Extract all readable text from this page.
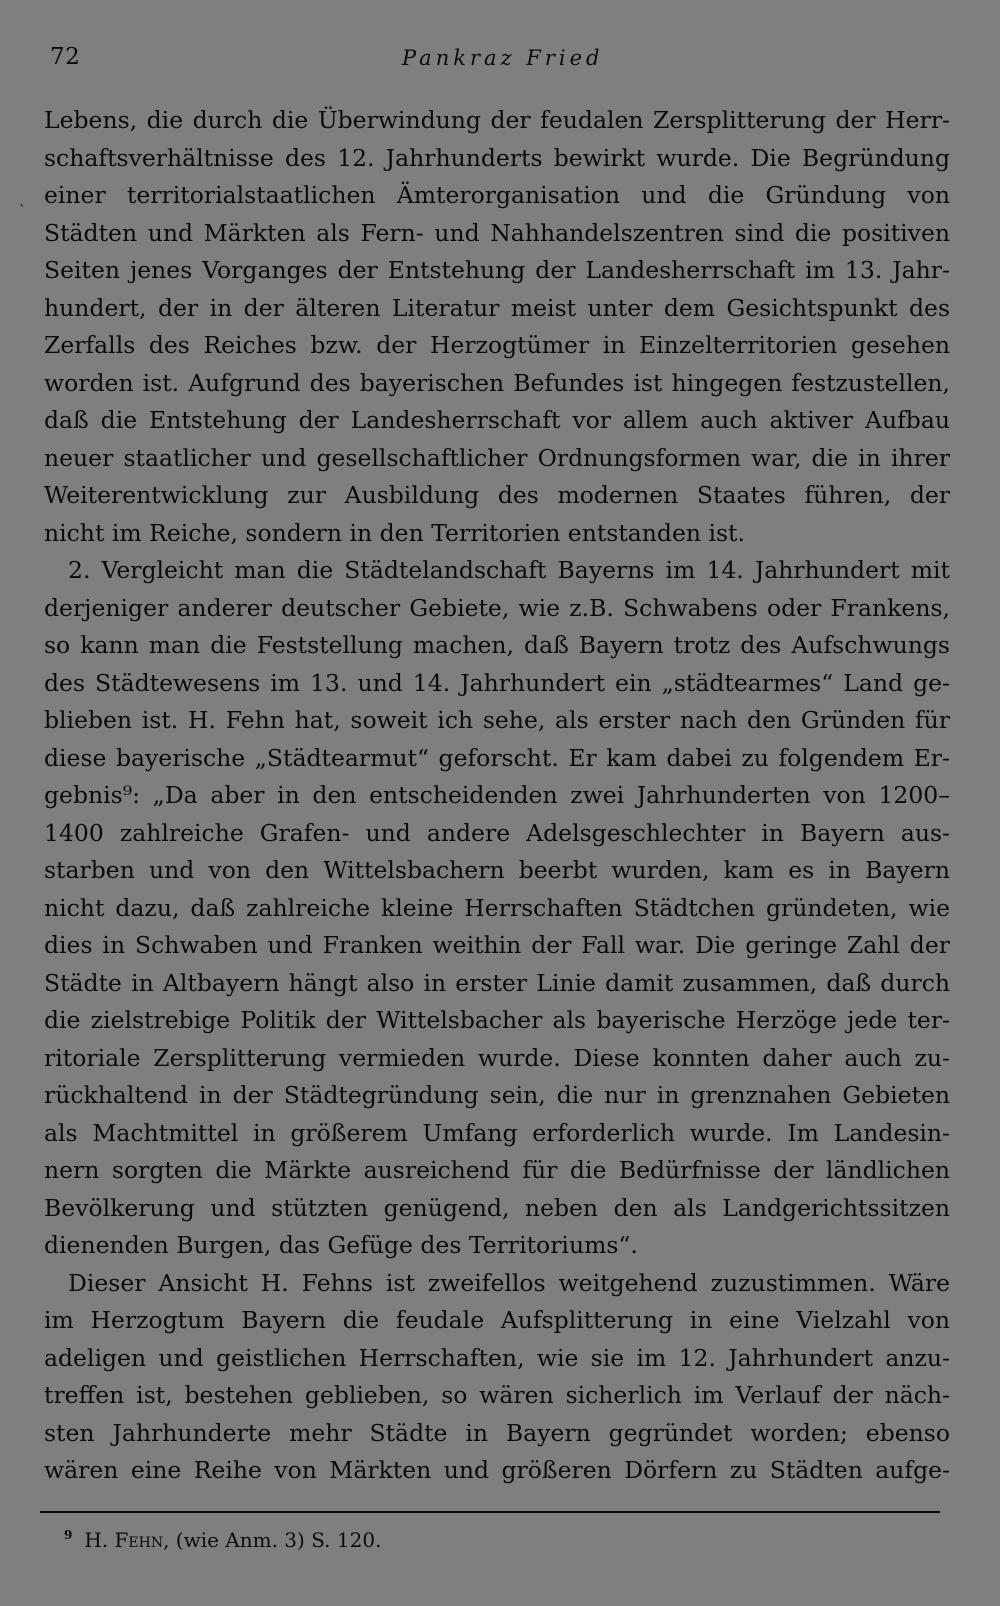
72	Pankraz Fried
`
Lebens, die durch die Überwindung der feudalen Zersplitterung der Herr-
schaftsverhältnisse des 12. Jahrhunderts bewirkt wurde. Die Begründung
einer territorialstaatlichen Ämterorganisation und die Gründung von
Städten und Märkten als Fern- und Nahhandelszentren sind die positiven
Seiten jenes Vorganges der Entstehung der Landesherrschaft im 13. Jahr-
hundert, der in der älteren Literatur meist unter dem Gesichtspunkt des
Zerfalls des Reiches bzw. der Herzogtümer in Einzelterritorien gesehen
worden ist. Aufgrund des bayerischen Befundes ist hingegen festzustellen,
daß die Entstehung der Landesherrschaft vor allem auch aktiver Aufbau
neuer staatlicher und gesellschaftlicher Ordnungsformen war, die in ihrer
Weiterentwicklung zur Ausbildung des modernen Staates führen, der
nicht im Reiche, sondern in den Territorien entstanden ist.
2. Vergleicht man die Städtelandschaft Bayerns im 14. Jahrhundert mit
derjeniger anderer deutscher Gebiete, wie z.B. Schwabens oder Frankens,
so kann man die Feststellung machen, daß Bayern trotz des Aufschwungs
des Städtewesens im 13. und 14. Jahrhundert ein „städtearmes“ Land ge-
blieben ist. H. Fehn hat, soweit ich sehe, als erster nach den Gründen für
diese bayerische „Städtearmut“ geforscht. Er kam dabei zu folgendem Er-
gebnis⁹: „Da aber in den entscheidenden zwei Jahrhunderten von 1200–
1400 zahlreiche Grafen- und andere Adelsgeschlechter in Bayern aus-
starben und von den Wittelsbachern beerbt wurden, kam es in Bayern
nicht dazu, daß zahlreiche kleine Herrschaften Städtchen gründeten, wie
dies in Schwaben und Franken weithin der Fall war. Die geringe Zahl der
Städte in Altbayern hängt also in erster Linie damit zusammen, daß durch
die zielstrebige Politik der Wittelsbacher als bayerische Herzöge jede ter-
ritoriale Zersplitterung vermieden wurde. Diese konnten daher auch zu-
rückhaltend in der Städtegründung sein, die nur in grenznahen Gebieten
als Machtmittel in größerem Umfang erforderlich wurde. Im Landesin-
nern sorgten die Märkte ausreichend für die Bedürfnisse der ländlichen
Bevölkerung und stützten genügend, neben den als Landgerichtssitzen
dienenden Burgen, das Gefüge des Territoriums“.
Dieser Ansicht H. Fehns ist zweifellos weitgehend zuzustimmen. Wäre
im Herzogtum Bayern die feudale Aufsplitterung in eine Vielzahl von
adeligen und geistlichen Herrschaften, wie sie im 12. Jahrhundert anzu-
treffen ist, bestehen geblieben, so wären sicherlich im Verlauf der näch-
sten Jahrhunderte mehr Städte in Bayern gegründet worden; ebenso
wären eine Reihe von Märkten und größeren Dörfern zu Städten aufge-
$^9$ H. Fehn, (wie Anm. 3) S. 120.
